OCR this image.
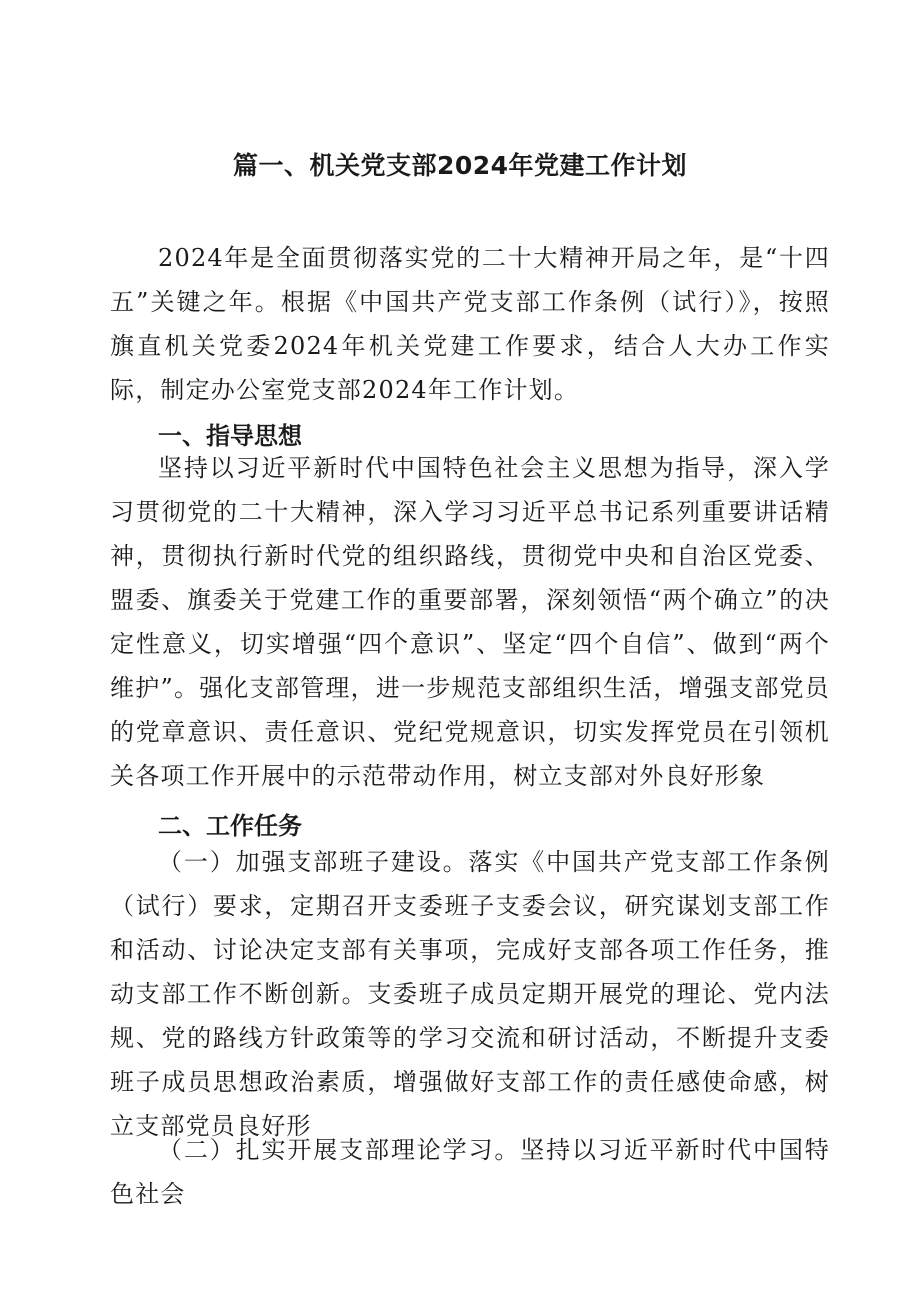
篇一、机关党支部2024年党建工作计划

2024年是全面贯彻落实党的二十大精神开局之年，是“十四五”关键之年。根据《中国共产党支部工作条例（试行）》，按照旗直机关党委2024年机关党建工作要求，结合人大办工作实际，制定办公室党支部2024年工作计划。

一、指导思想

坚持以习近平新时代中国特色社会主义思想为指导，深入学习贯彻党的二十大精神，深入学习习近平总书记系列重要讲话精神，贯彻执行新时代党的组织路线，贯彻党中央和自治区党委、盟委、旗委关于党建工作的重要部署，深刻领悟“两个确立”的决定性意义，切实增强“四个意识”、坚定“四个自信”、做到“两个维护”。强化支部管理，进一步规范支部组织生活，增强支部党员的党章意识、责任意识、党纪党规意识，切实发挥党员在引领机关各项工作开展中的示范带动作用，树立支部对外良好形象

二、工作任务

（一）加强支部班子建设。落实《中国共产党支部工作条例（试行）要求，定期召开支委班子支委会议，研究谋划支部工作和活动、讨论决定支部有关事项，完成好支部各项工作任务，推动支部工作不断创新。支委班子成员定期开展党的理论、党内法规、党的路线方针政策等的学习交流和研讨活动，不断提升支委班子成员思想政治素质，增强做好支部工作的责任感使命感，树立支部党员良好形

（二）扎实开展支部理论学习。坚持以习近平新时代中国特色社会
